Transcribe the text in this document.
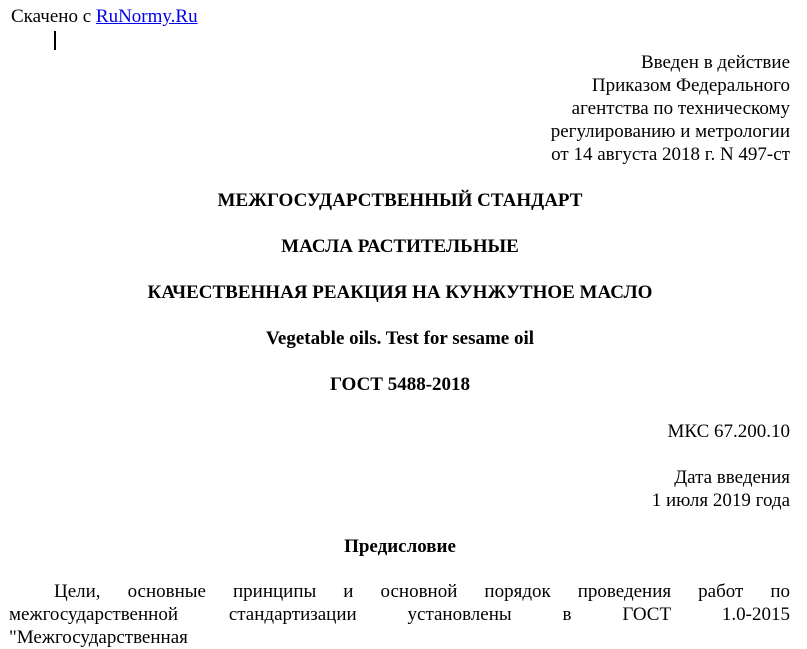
Скачено с RuNormy.Ru
Введен в действие
Приказом Федерального
агентства по техническому
регулированию и метрологии
от 14 августа 2018 г. N 497-ст
МЕЖГОСУДАРСТВЕННЫЙ СТАНДАРТ
МАСЛА РАСТИТЕЛЬНЫЕ
КАЧЕСТВЕННАЯ РЕАКЦИЯ НА КУНЖУТНОЕ МАСЛО
Vegetable oils. Test for sesame oil
ГОСТ 5488-2018
МКС 67.200.10
Дата введения
1 июля 2019 года
Предисловие
Цели, основные принципы и основной порядок проведения работ по межгосударственной стандартизации установлены в ГОСТ 1.0-2015 "Межгосударственная
